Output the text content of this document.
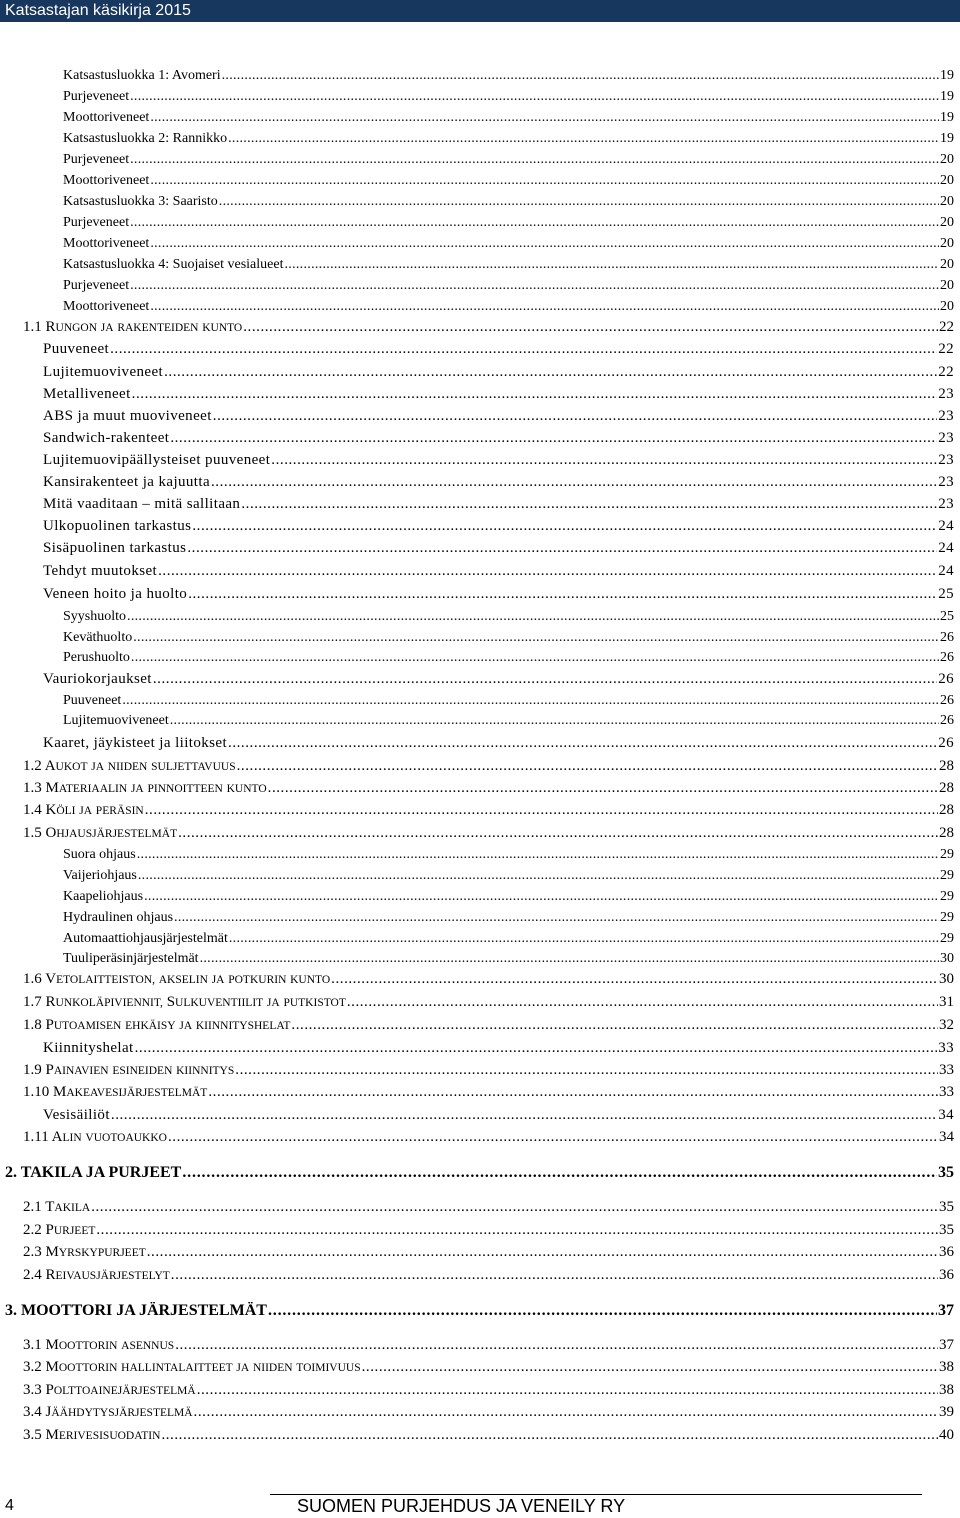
Katsastajan käsikirja 2015
Katsastusluokka 1: Avomeri . . .	19
Purjeveneet . . .	19
Moottoriveneet . . .	19
Katsastusluokka 2: Rannikko . . .	19
Purjeveneet . . .	20
Moottoriveneet . . .	20
Katsastusluokka 3: Saaristo . . .	20
Purjeveneet . . .	20
Moottoriveneet . . .	20
Katsastusluokka 4: Suojaiset vesialueet . . .	20
Purjeveneet . . .	20
Moottoriveneet . . .	20
1.1 RUNGON JA RAKENTEIDEN KUNTO . . .	22
Puuveneet . . .	22
Lujitemuoviveneet . . .	22
Metalliveneet . . .	23
ABS ja muut muoviveneet . . .	23
Sandwich-rakenteet . . .	23
Lujitemuovipäällysteiset puuveneet . . .	23
Kansirakenteet ja kajuutta . . .	23
Mitä vaaditaan – mitä sallitaan . . .	23
Ulkopuolinen tarkastus . . .	24
Sisäpuolinen tarkastus . . .	24
Tehdyt muutokset . . .	24
Veneen hoito ja huolto . . .	25
Syyshuolto . . .	25
Keväthuolto . . .	26
Perushuolto . . .	26
Vauriokorjaukset . . .	26
Puuveneet . . .	26
Lujitemuoviveneet . . .	26
Kaaret, jäykisteet ja liitokset . . .	26
1.2 AUKOT JA NIIDEN SULJETTAVUUS . . .	28
1.3 MATERIAALIN JA PINNOITTEEN KUNTO . . .	28
1.4 KÖLI JA PERÄSIN . . .	28
1.5 OHJAUSJÄRJESTELMÄT . . .	28
Suora ohjaus . . .	29
Vaijeriohjaus . . .	29
Kaapeliohjaus . . .	29
Hydraulinen ohjaus . . .	29
Automaattiohjausjärjestelmät . . .	29
Tuuliperäsinjärjestelmät . . .	30
1.6 VETOLAITTEISTON, AKSELIN JA POTKURIN KUNTO . . .	30
1.7 RUNKOLÄPIVIENNIT, SULKUVENTIILIT JA PUTKISTOT . . .	31
1.8 PUTOAMISEN EHKÄISY JA KIINNITYSHELAT . . .	32
Kiinnityshelat . . .	33
1.9 PAINAVIEN ESINEIDEN KIINNITYS . . .	33
1.10 MAKEAVESIJÄRJESTELMÄT . . .	33
Vesisäiliöt . . .	34
1.11 ALIN VUOTOAUKKO . . .	34
2. TAKILA JA PURJEET . . .	35
2.1 TAKILA . . .	35
2.2 PURJEET . . .	35
2.3 MYRSKYPURJEET . . .	36
2.4 REIVAUSJÄRJESTELYT . . .	36
3. MOOTTORI JA JÄRJESTELMÄT . . .	37
3.1 MOOTTORIN ASENNUS . . .	37
3.2 MOOTTORIN HALLINTALAITTEET JA NIIDEN TOIMIVUUS . . .	38
3.3 POLTTOAINEJÄRJESTELMÄ . . .	38
3.4 JÄÄHDYTYSJÄRJESTELMÄ . . .	39
3.5 MERIVESISUODATIN . . .	40
4	SUOMEN PURJEHDUS JA VENEILY RY
